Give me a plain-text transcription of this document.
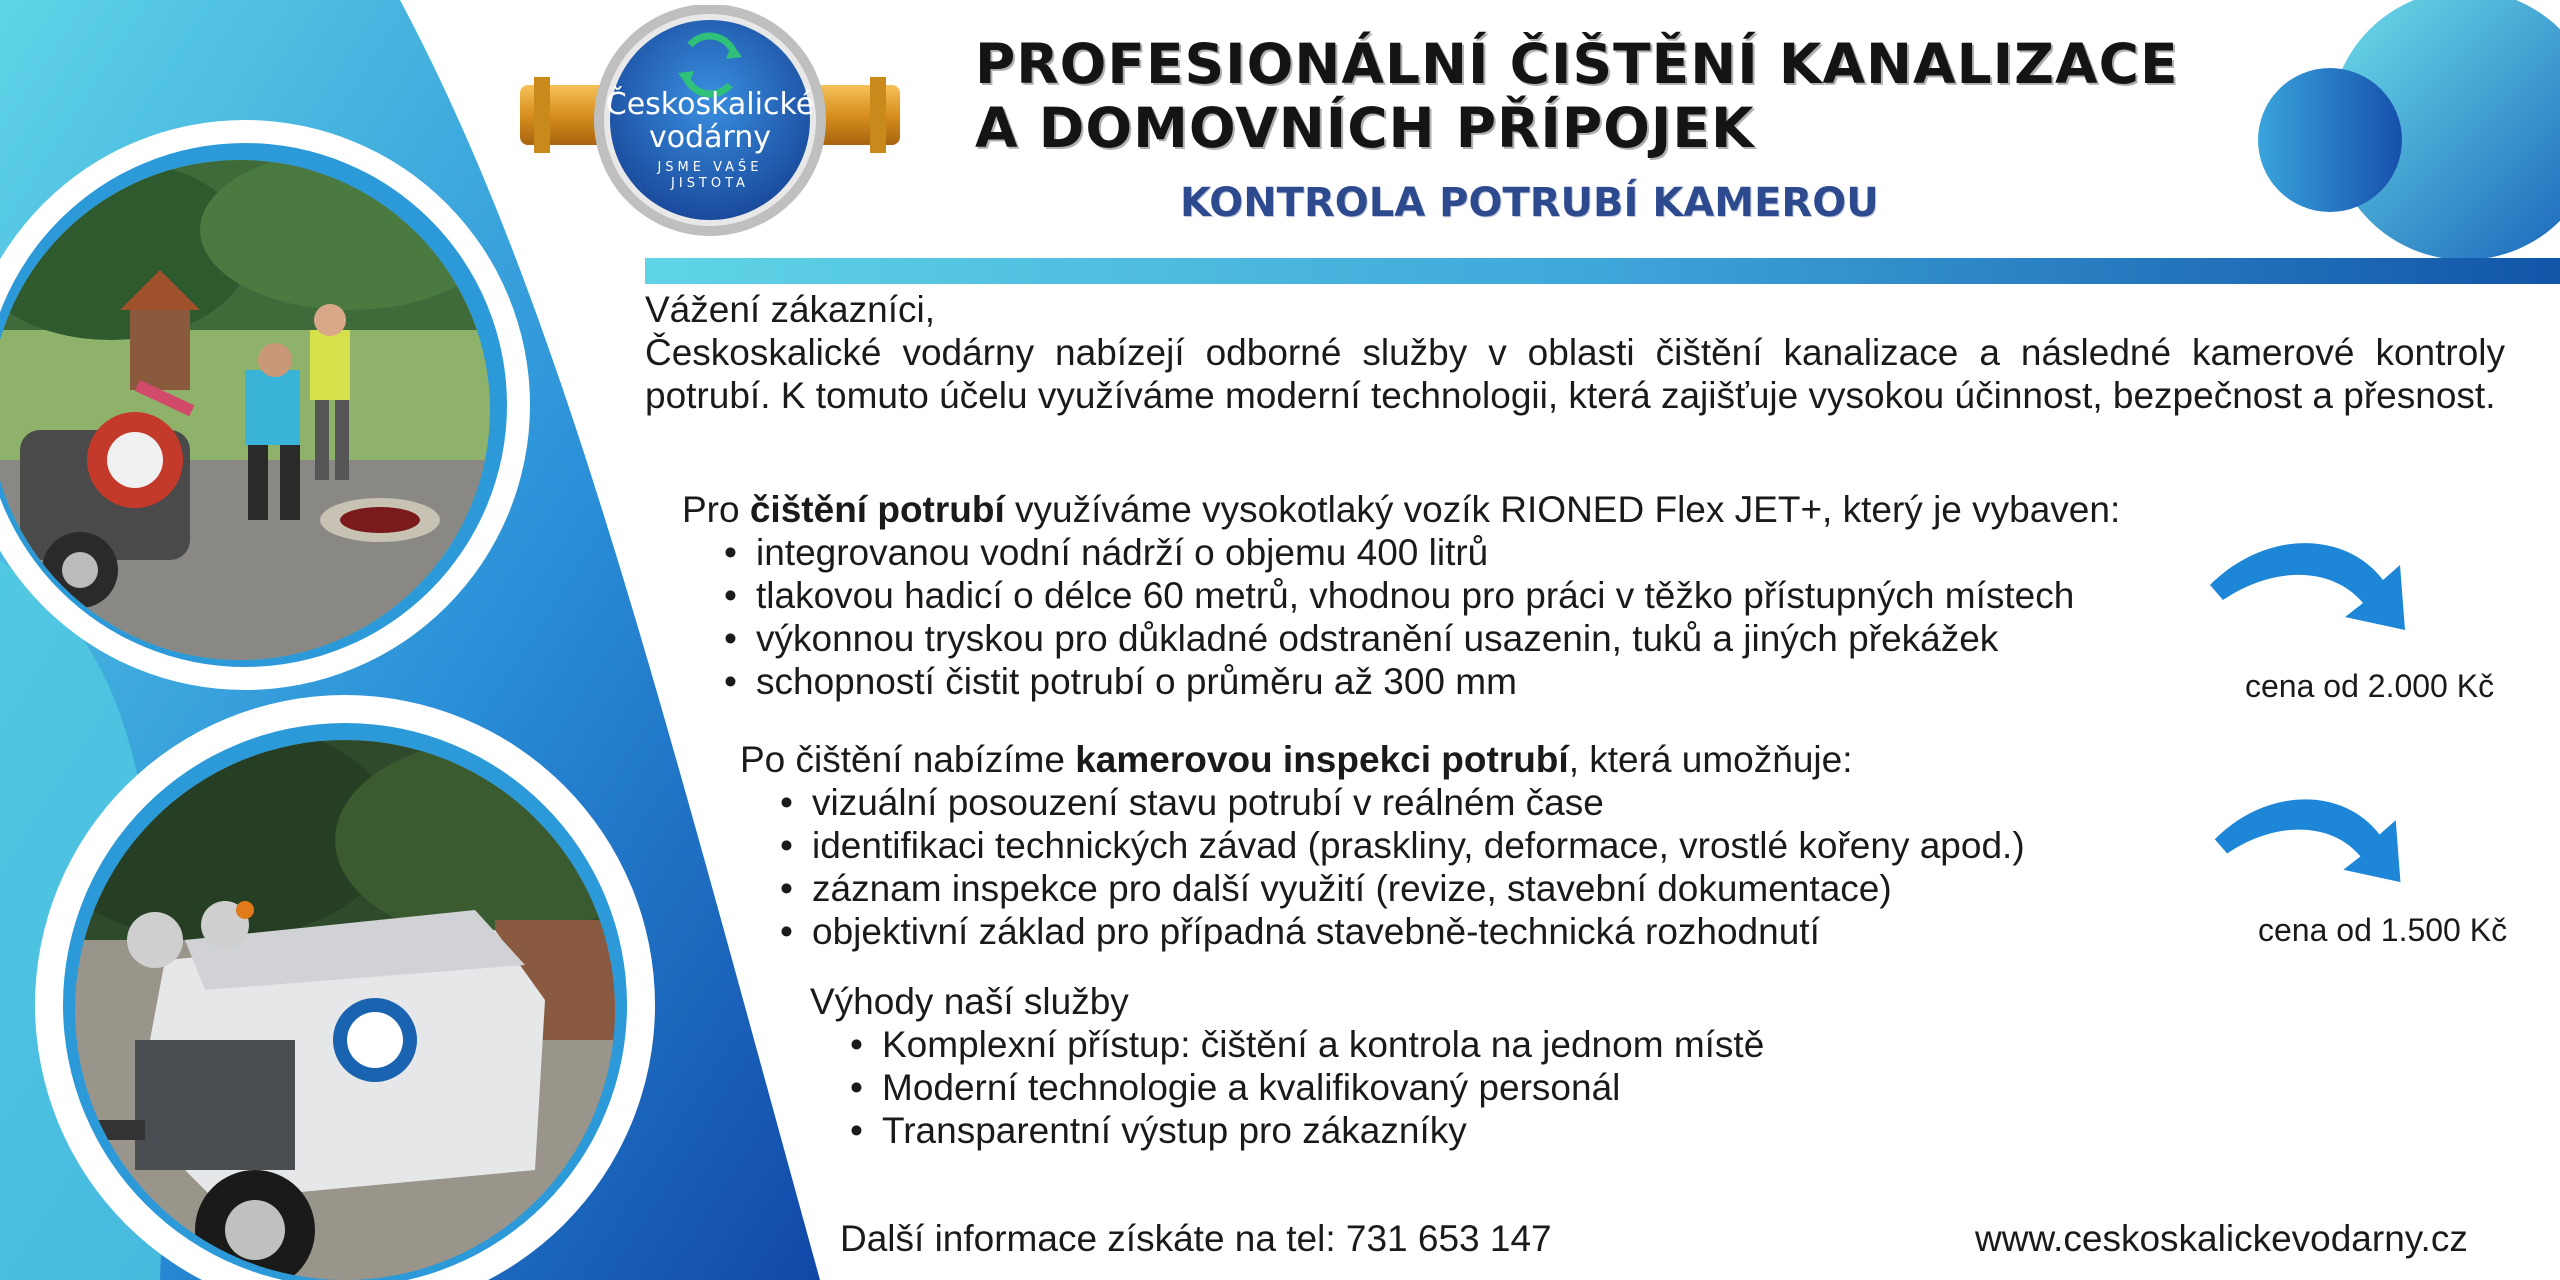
Českoskalické
vodárny
JSME VAŠE
JISTOTA
PROFESIONÁLNÍ ČIŠTĚNÍ KANALIZACE
A DOMOVNÍCH PŘÍPOJEK
KONTROLA POTRUBÍ KAMEROU

Vážení zákazníci,

Českoskalické vodárny nabízejí odborné služby v oblasti čištění kanalizace a následné kamerové kontroly potrubí. K tomuto účelu využíváme moderní technologii, která zajišťuje vysokou účinnost, bezpečnost a přesnost.

Pro čištění potrubí využíváme vysokotlaký vozík RIONED Flex JET+, který je vybaven:
• integrovanou vodní nádrží o objemu 400 litrů
• tlakovou hadicí o délce 60 metrů, vhodnou pro práci v těžko přístupných místech
• výkonnou tryskou pro důkladné odstranění usazenin, tuků a jiných překážek
• schopností čistit potrubí o průměru až 300 mm	cena od 2.000 Kč
Po čištění nabízíme kamerovou inspekci potrubí, která umožňuje:
• vizuální posouzení stavu potrubí v reálném čase
• identifikaci technických závad (praskliny, deformace, vrostlé kořeny apod.)
• záznam inspekce pro další využití (revize, stavební dokumentace)
• objektivní základ pro případná stavebně-technická rozhodnutí	cena od 1.500 Kč
Výhody naší služby
• Komplexní přístup: čištění a kontrola na jednom místě
• Moderní technologie a kvalifikovaný personál
• Transparentní výstup pro zákazníky
Další informace získáte na tel: 731 653 147	www.ceskoskalickevodarny.cz
